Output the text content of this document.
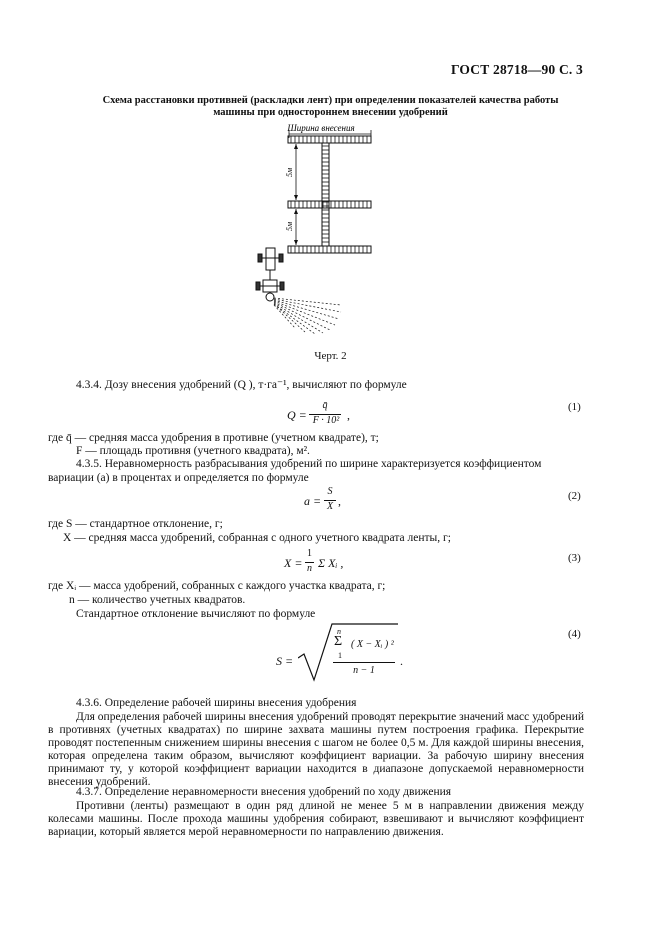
ГОСТ 28718—90 С. 3
Схема расстановки противней (раскладки лент) при определении показателей качества работы
машины при одностороннем внесении удобрений
Ширина внесения
5м
5м
Черт. 2
4.3.4. Дозу внесения удобрений (Q ), т·га⁻¹, вычисляют по формуле
Q =
q̄
F · 10² ,
(1)
где q̄ — средняя масса удобрения в противне (учетном квадрате), т;
F — площадь противня (учетного квадрата), м².
4.3.5. Неравномерность разбрасывания удобрений по ширине характеризуется коэффициентом
вариации (a) в процентах и определяется по формуле
a =
S
X ,	(2)
где S — стандартное отклонение, г;
X — средняя масса удобрений, собранная с одного учетного квадрата ленты, г;
X =
1
n Σ Xᵢ ,	(3)
где Xᵢ — масса удобрений, собранных с каждого участка квадрата, г;
n — количество учетных квадратов.
Стандартное отклонение вычисляют по формуле
S =
n
Σ
1
( X − Xᵢ ) ²
n − 1
.
(4)
4.3.6. Определение рабочей ширины внесения удобрения
Для определения рабочей ширины внесения удобрений проводят перекрытие значений масс удобрений в противнях (учетных квадратах) по ширине захвата машины путем построения графика. Перекрытие проводят постепенным снижением ширины внесения с шагом не более 0,5 м. Для каждой ширины внесения, которая определена таким образом, вычисляют коэффициент вариации. За рабочую ширину внесения принимают ту, у которой коэффициент вариации находится в диапазоне допускаемой неравномерности внесения удобрений.
4.3.7. Определение неравномерности внесения удобрений по ходу движения
Противни (ленты) размещают в один ряд длиной не менее 5 м в направлении движения между колесами машины. После прохода машины удобрения собирают, взвешивают и вычисляют коэффициент вариации, который является мерой неравномерности по направлению движения.
